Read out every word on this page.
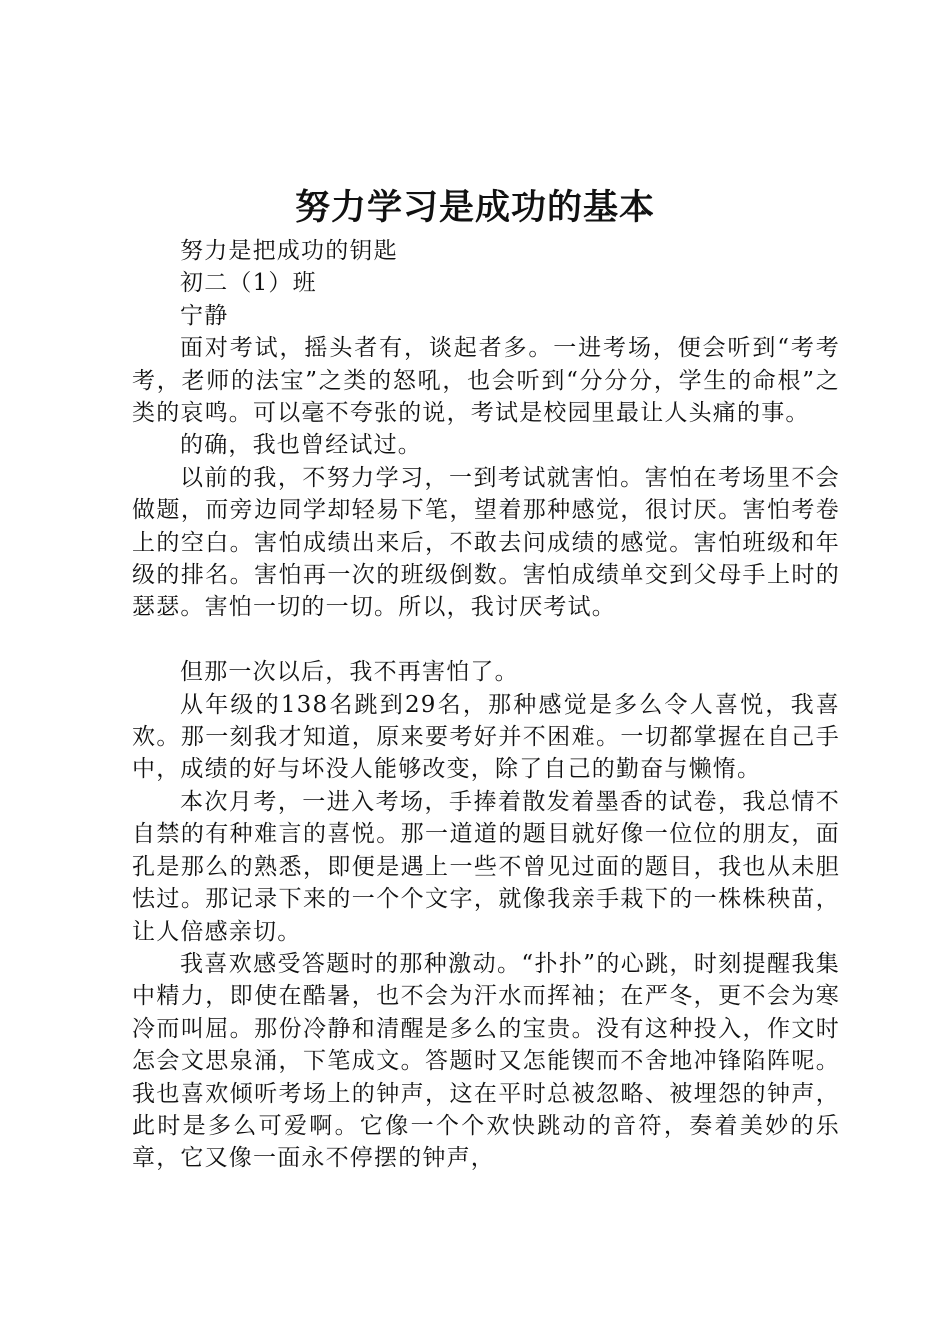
努力学习是成功的基本

努力是把成功的钥匙

初二（1）班

宁静

面对考试，摇头者有，谈起者多。一进考场，便会听到“考考考，老师的法宝”之类的怒吼，也会听到“分分分，学生的命根”之类的哀鸣。可以毫不夸张的说，考试是校园里最让人头痛的事。

的确，我也曾经试过。

以前的我，不努力学习，一到考试就害怕。害怕在考场里不会做题，而旁边同学却轻易下笔，望着那种感觉，很讨厌。害怕考卷上的空白。害怕成绩出来后，不敢去问成绩的感觉。害怕班级和年级的排名。害怕再一次的班级倒数。害怕成绩单交到父母手上时的瑟瑟。害怕一切的一切。所以，我讨厌考试。

但那一次以后，我不再害怕了。

从年级的138名跳到29名，那种感觉是多么令人喜悦，我喜欢。那一刻我才知道，原来要考好并不困难。一切都掌握在自己手中，成绩的好与坏没人能够改变，除了自己的勤奋与懒惰。

本次月考，一进入考场，手捧着散发着墨香的试卷，我总情不自禁的有种难言的喜悦。那一道道的题目就好像一位位的朋友，面孔是那么的熟悉，即便是遇上一些不曾见过面的题目，我也从未胆怯过。那记录下来的一个个文字，就像我亲手栽下的一株株秧苗，让人倍感亲切。

我喜欢感受答题时的那种激动。“扑扑”的心跳，时刻提醒我集中精力，即使在酷暑，也不会为汗水而挥袖；在严冬，更不会为寒冷而叫屈。那份冷静和清醒是多么的宝贵。没有这种投入，作文时怎会文思泉涌，下笔成文。答题时又怎能锲而不舍地冲锋陷阵呢。我也喜欢倾听考场上的钟声，这在平时总被忽略、被埋怨的钟声，此时是多么可爱啊。它像一个个欢快跳动的音符，奏着美妙的乐章，它又像一面永不停摆的钟声，
